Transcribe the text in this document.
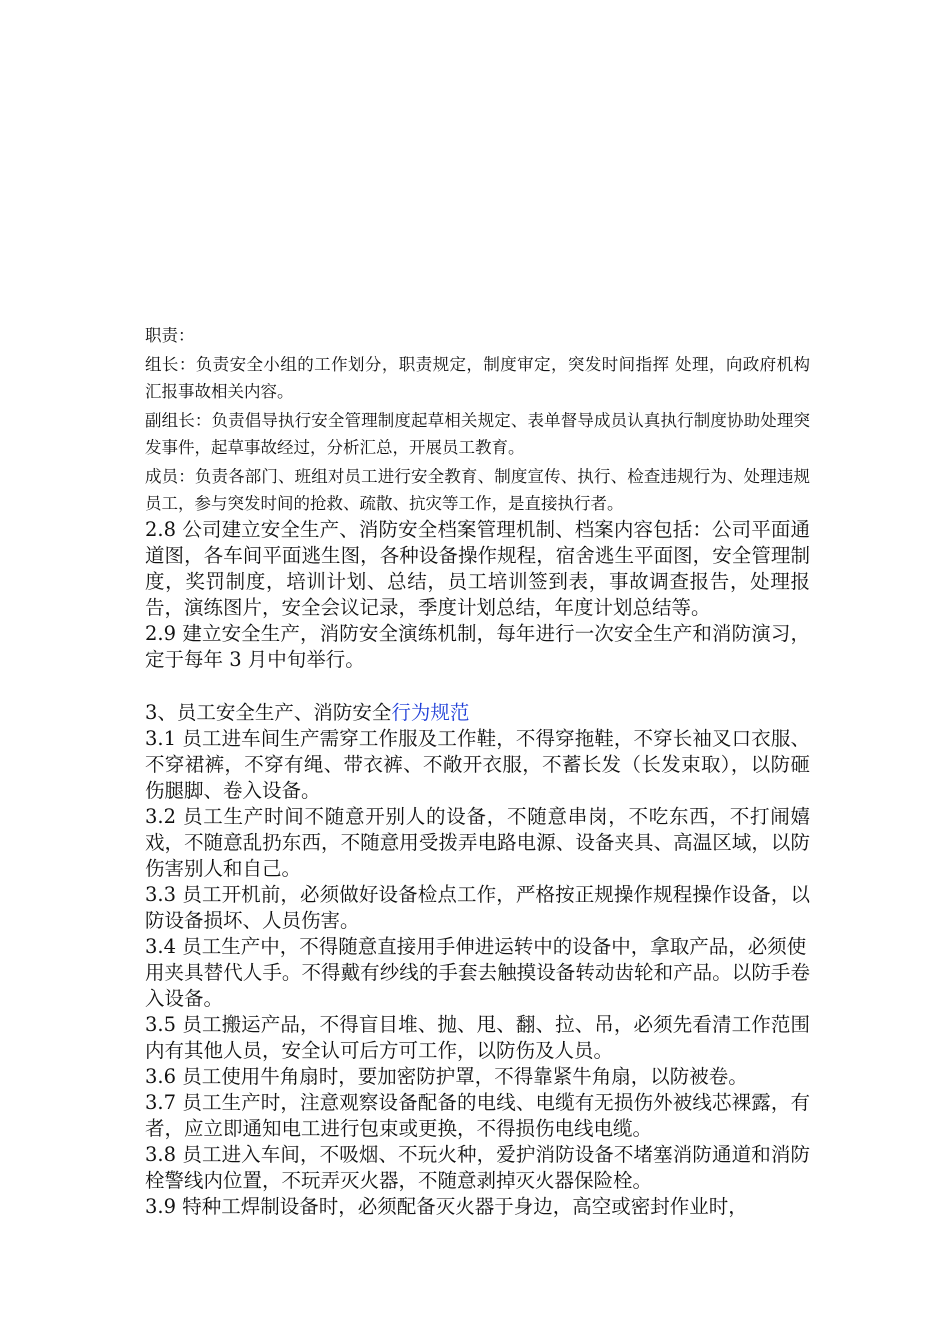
职责：

组长：负责安全小组的工作划分，职责规定，制度审定，突发时间指挥 处理，向政府机构汇报事故相关内容。

副组长：负责倡导执行安全管理制度起草相关规定、表单督导成员认真执行制度协助处理突发事件，起草事故经过，分析汇总，开展员工教育。

成员：负责各部门、班组对员工进行安全教育、制度宣传、执行、检查违规行为、处理违规员工，参与突发时间的抢救、疏散、抗灾等工作，是直接执行者。

2.8 公司建立安全生产、消防安全档案管理机制、档案内容包括：公司平面通道图，各车间平面逃生图，各种设备操作规程，宿舍逃生平面图，安全管理制度，奖罚制度，培训计划、总结，员工培训签到表，事故调查报告，处理报告，演练图片，安全会议记录，季度计划总结，年度计划总结等。

2.9 建立安全生产，消防安全演练机制，每年进行一次安全生产和消防演习，定于每年 3 月中旬举行。

3、员工安全生产、消防安全行为规范

3.1 员工进车间生产需穿工作服及工作鞋，不得穿拖鞋，不穿长袖叉口衣服、不穿裙裤，不穿有绳、带衣裤、不敞开衣服，不蓄长发（长发束取），以防砸伤腿脚、卷入设备。

3.2 员工生产时间不随意开别人的设备，不随意串岗，不吃东西，不打闹嬉戏，不随意乱扔东西，不随意用受拨弄电路电源、设备夹具、高温区域，以防伤害别人和自己。

3.3 员工开机前，必须做好设备检点工作，严格按正规操作规程操作设备，以防设备损坏、人员伤害。

3.4 员工生产中，不得随意直接用手伸进运转中的设备中，拿取产品，必须使

用夹具替代人手。不得戴有纱线的手套去触摸设备转动齿轮和产品。以防手卷入设备。

3.5 员工搬运产品，不得盲目堆、抛、甩、翻、拉、吊，必须先看清工作范围 内有其他人员，安全认可后方可工作，以防伤及人员。

3.6 员工使用牛角扇时，要加密防护罩，不得靠紧牛角扇，以防被卷。

3.7 员工生产时，注意观察设备配备的电线、电缆有无损伤外被线芯裸露，有者，应立即通知电工进行包束或更换，不得损伤电线电缆。

3.8 员工进入车间，不吸烟、不玩火种，爱护消防设备不堵塞消防通道和消防栓警线内位置，不玩弄灭火器，不随意剥掉灭火器保险栓。

3.9 特种工焊制设备时，必须配备灭火器于身边，高空或密封作业时，
